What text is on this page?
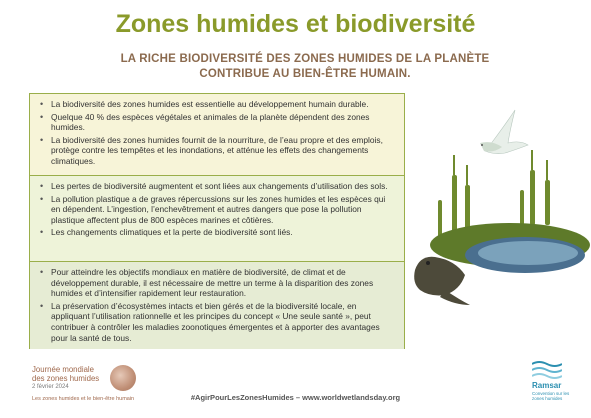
Zones humides et biodiversité
LA RICHE BIODIVERSITÉ DES ZONES HUMIDES DE LA PLANÈTE CONTRIBUE AU BIEN-ÊTRE HUMAIN.
• La biodiversité des zones humides est essentielle au développement humain durable.
• Quelque 40 % des espèces végétales et animales de la planète dépendent des zones humides.
• La biodiversité des zones humides fournit de la nourriture, de l’eau propre et des emplois, protège contre les tempêtes et les inondations, et atténue les effets des changements climatiques.
• Les pertes de biodiversité augmentent et sont liées aux changements d’utilisation des sols.
• La pollution plastique a de graves répercussions sur les zones humides et les espèces qui en dépendent. L’ingestion, l’enchevêtrement et autres dangers que pose la pollution plastique affectent plus de 800 espèces marines et côtières.
• Les changements climatiques et la perte de biodiversité sont liés.
• Pour atteindre les objectifs mondiaux en matière de biodiversité, de climat et de développement durable, il est nécessaire de mettre un terme à la disparition des zones humides et d’intensifier rapidement leur restauration.
• La préservation d’écosystèmes intacts et bien gérés et de la biodiversité locale, en appliquant l’utilisation rationnelle et les principes du concept « Une seule santé », peut contribuer à contrôler les maladies zoonotiques émergentes et à apporter des avantages pour la santé de tous.
Journée mondiale
des zones humides
2 février 2024
Les zones humides et le bien-être humain	#AgirPourLesZonesHumides – www.worldwetlandsday.org
Ramsar
Convention sur les zones humides
